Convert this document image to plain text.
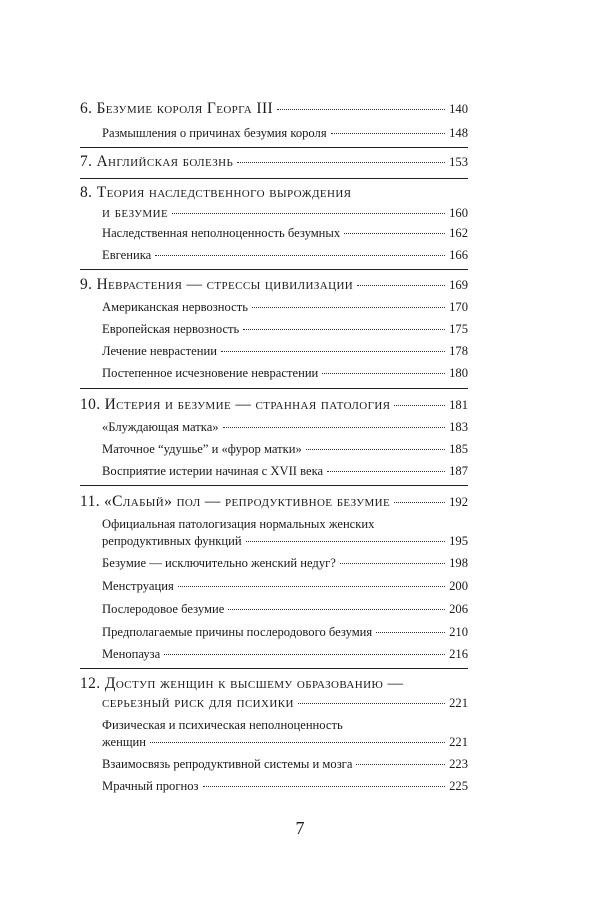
6. Безумие короля Георга III	140
Размышления о причинах безумия короля	148
7. Английская болезнь	153
8. Теория наследственного вырождения
и безумие	160
Наследственная неполноценность безумных	162
Евгеника	166
9. Неврастения — стрессы цивилизации	169
Американская нервозность	170
Европейская нервозность	175
Лечение неврастении	178
Постепенное исчезновение неврастении	180
10. Истерия и безумие — странная патология	181
«Блуждающая матка»	183
Маточное “удушье” и «фурор матки»	185
Восприятие истерии начиная с XVII века	187
11. «Слабый» пол — репродуктивное безумие	192
Официальная патологизация нормальных женских
репродуктивных функций	195
Безумие — исключительно женский недуг?	198
Менструация	200
Послеродовое безумие	206
Предполагаемые причины послеродового безумия	210
Менопауза	216
12. Доступ женщин к высшему образованию —
серьезный риск для психики	221
Физическая и психическая неполноценность
женщин	221
Взаимосвязь репродуктивной системы и мозга	223
Мрачный прогноз	225
7
